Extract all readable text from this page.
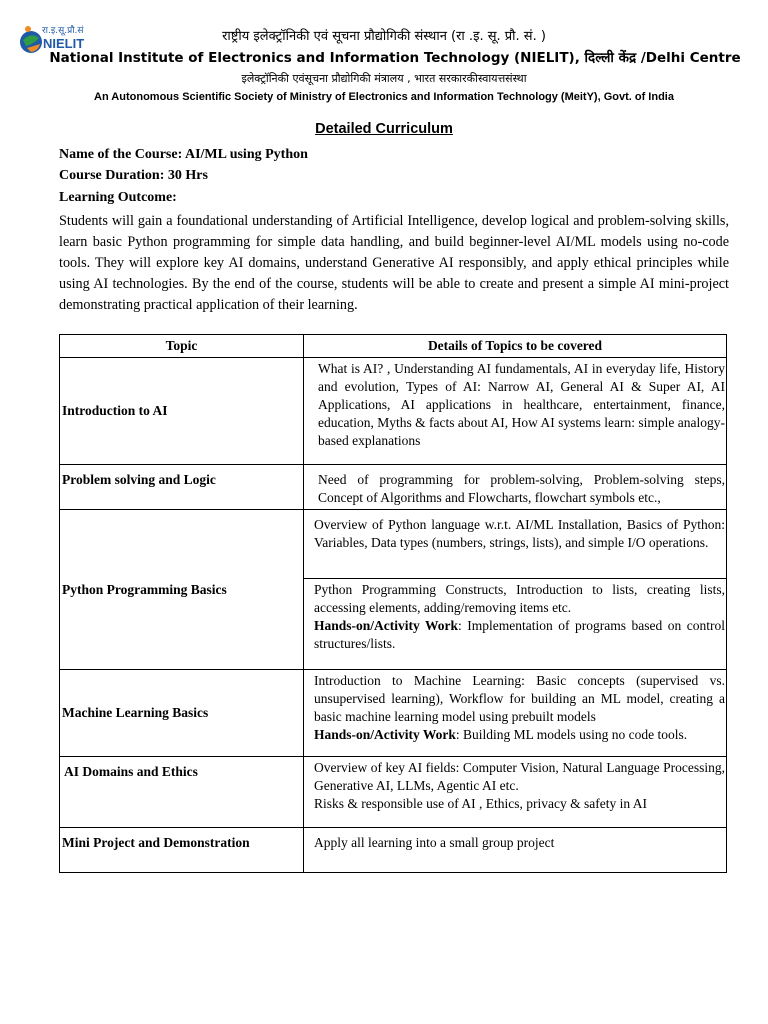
रा.इ.सू.प्रौ.सं
NIELIT	राष्ट्रीय इलेक्ट्रॉनिकी एवं सूचना प्रौद्योगिकी संस्थान (रा .इ. सू. प्रौ. सं. )
National Institute of Electronics and Information Technology (NIELIT), दिल्ली केंद्र /Delhi Centre
इलेक्ट्रॉनिकी एवंसूचना प्रौद्योगिकी मंत्रालय , भारत सरकारकीस्वायत्तसंस्था
An Autonomous Scientific Society of Ministry of Electronics and Information Technology (MeitY), Govt. of India
Detailed Curriculum
Name of the Course: AI/ML using Python
Course Duration: 30 Hrs
Learning Outcome:
Students will gain a foundational understanding of Artificial Intelligence, develop logical and problem-solving skills, learn basic Python programming for simple data handling, and build beginner-level AI/ML models using no-code tools. They will explore key AI domains, understand Generative AI responsibly, and apply ethical principles while using AI technologies. By the end of the course, students will be able to create and present a simple AI mini-project demonstrating practical application of their learning.
Topic	Details of Topics to be covered
Introduction to AI	What is AI? , Understanding AI fundamentals, AI in everyday life, History and evolution, Types of AI: Narrow AI, General AI & Super AI, AI Applications, AI applications in healthcare, entertainment, finance, education, Myths & facts about AI, How AI systems learn: simple analogy-based explanations
Problem solving and Logic	Need of programming for problem-solving, Problem-solving steps, Concept of Algorithms and Flowcharts, flowchart symbols etc.,
Python Programming Basics	Overview of Python language w.r.t. AI/ML Installation, Basics of Python: Variables, Data types (numbers, strings, lists), and simple I/O operations.
	Python Programming Constructs, Introduction to lists, creating lists, accessing elements, adding/removing items etc.
Hands-on/Activity Work: Implementation of programs based on control structures/lists.
Machine Learning Basics	Introduction to Machine Learning: Basic concepts (supervised vs. unsupervised learning), Workflow for building an ML model, creating a basic machine learning model using prebuilt models
Hands-on/Activity Work: Building ML models using no code tools.
AI Domains and Ethics	Overview of key AI fields: Computer Vision, Natural Language Processing, Generative AI, LLMs, Agentic AI etc.
Risks & responsible use of AI , Ethics, privacy & safety in AI
Mini Project and Demonstration	Apply all learning into a small group project
